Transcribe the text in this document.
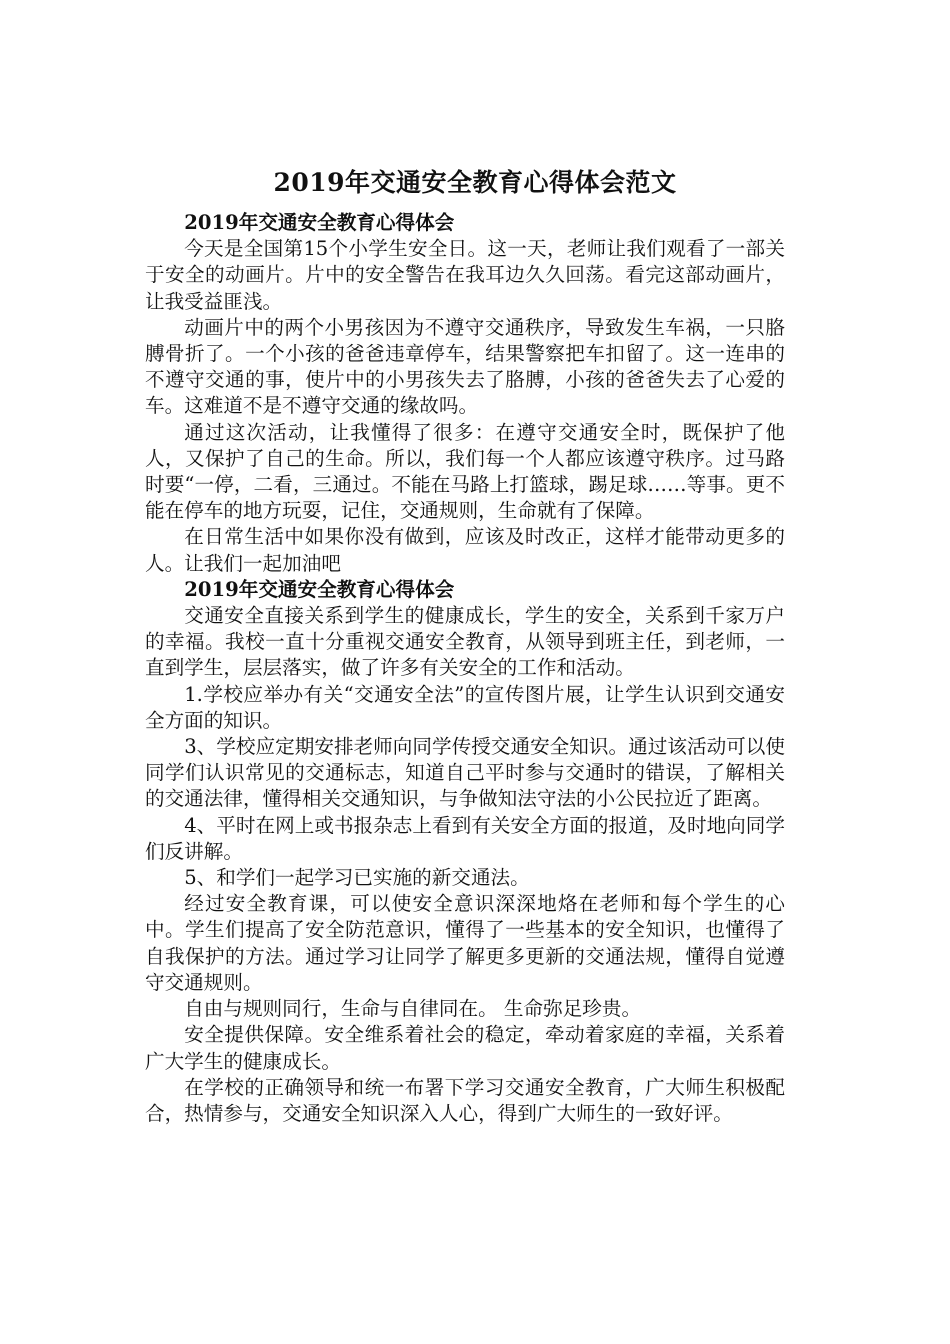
2019年交通安全教育心得体会范文
2019年交通安全教育心得体会

今天是全国第15个小学生安全日。这一天，老师让我们观看了一部关于安全的动画片。片中的安全警告在我耳边久久回荡。看完这部动画片，让我受益匪浅。

动画片中的两个小男孩因为不遵守交通秩序，导致发生车祸，一只胳膊骨折了。一个小孩的爸爸违章停车，结果警察把车扣留了。这一连串的不遵守交通的事，使片中的小男孩失去了胳膊，小孩的爸爸失去了心爱的车。这难道不是不遵守交通的缘故吗。

通过这次活动，让我懂得了很多：在遵守交通安全时，既保护了他人，又保护了自己的生命。所以，我们每一个人都应该遵守秩序。过马路时要“一停，二看，三通过。不能在马路上打篮球，踢足球……等事。更不能在停车的地方玩耍，记住，交通规则，生命就有了保障。

在日常生活中如果你没有做到，应该及时改正，这样才能带动更多的人。让我们一起加油吧

2019年交通安全教育心得体会

交通安全直接关系到学生的健康成长，学生的安全，关系到千家万户的幸福。我校一直十分重视交通安全教育，从领导到班主任，到老师，一直到学生，层层落实，做了许多有关安全的工作和活动。

1.学校应举办有关“交通安全法”的宣传图片展，让学生认识到交通安全方面的知识。

3、学校应定期安排老师向同学传授交通安全知识。通过该活动可以使同学们认识常见的交通标志，知道自己平时参与交通时的错误，了解相关的交通法律，懂得相关交通知识，与争做知法守法的小公民拉近了距离。

4、平时在网上或书报杂志上看到有关安全方面的报道，及时地向同学们反讲解。

5、和学们一起学习已实施的新交通法。

经过安全教育课，可以使安全意识深深地烙在老师和每个学生的心中。学生们提高了安全防范意识，懂得了一些基本的安全知识，也懂得了自我保护的方法。通过学习让同学了解更多更新的交通法规，懂得自觉遵守交通规则。

自由与规则同行，生命与自律同在。 生命弥足珍贵。

安全提供保障。安全维系着社会的稳定，牵动着家庭的幸福，关系着广大学生的健康成长。

在学校的正确领导和统一布署下学习交通安全教育，广大师生积极配合，热情参与，交通安全知识深入人心，得到广大师生的一致好评。
